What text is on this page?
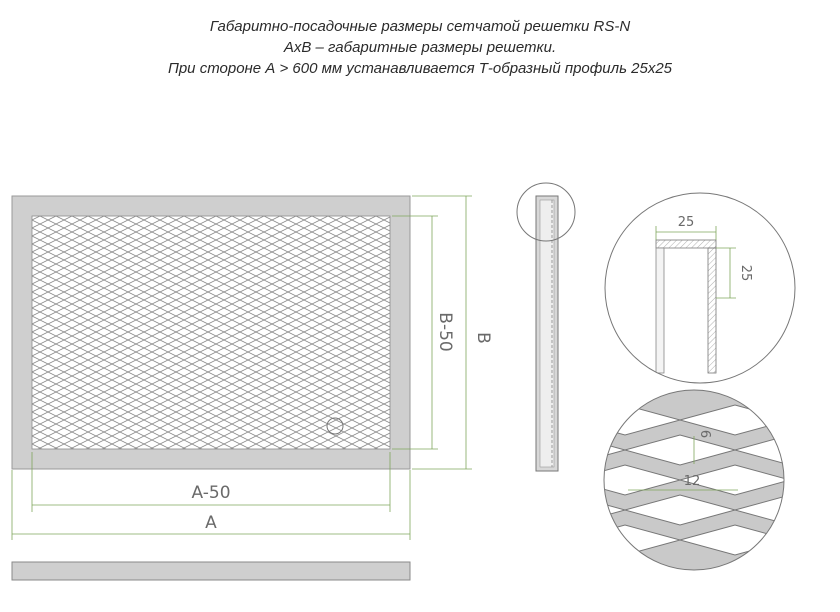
Габаритно-посадочные размеры сетчатой решетки RS-N
AxB – габаритные размеры решетки.
При стороне А > 600 мм устанавливается Т-образный профиль 25х25
A-50
A
B-50 B
25
25
6
12
